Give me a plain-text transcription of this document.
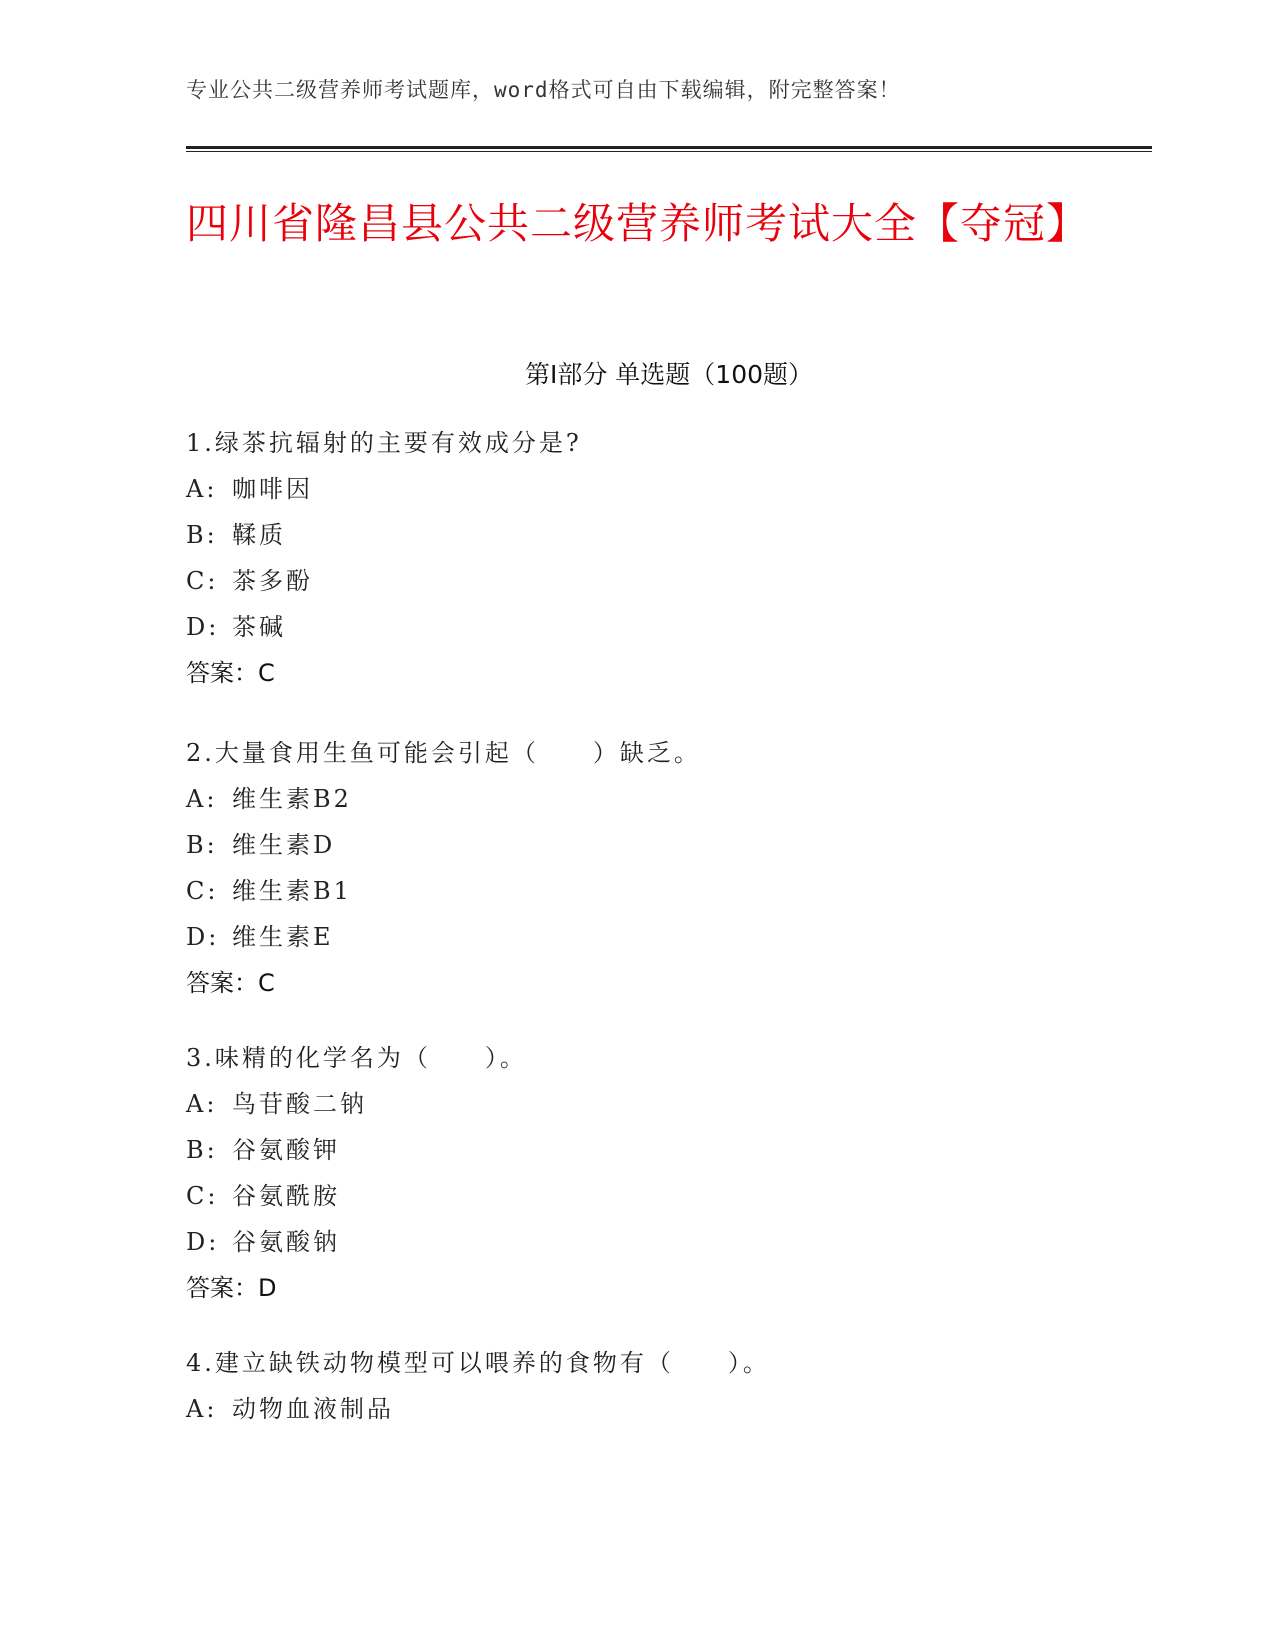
专业公共二级营养师考试题库，word格式可自由下载编辑，附完整答案！
四川省隆昌县公共二级营养师考试大全【夺冠】
第Ⅰ部分 单选题（100题）
1.绿茶抗辐射的主要有效成分是?
A: 咖啡因
B: 鞣质
C: 茶多酚
D: 茶碱
答案：C
2.大量食用生鱼可能会引起（　　）缺乏。
A: 维生素B2
B: 维生素D
C: 维生素B1
D: 维生素E
答案：C
3.味精的化学名为（　　）。
A: 鸟苷酸二钠
B: 谷氨酸钾
C: 谷氨酰胺
D: 谷氨酸钠
答案：D
4.建立缺铁动物模型可以喂养的食物有（　　）。
A: 动物血液制品
